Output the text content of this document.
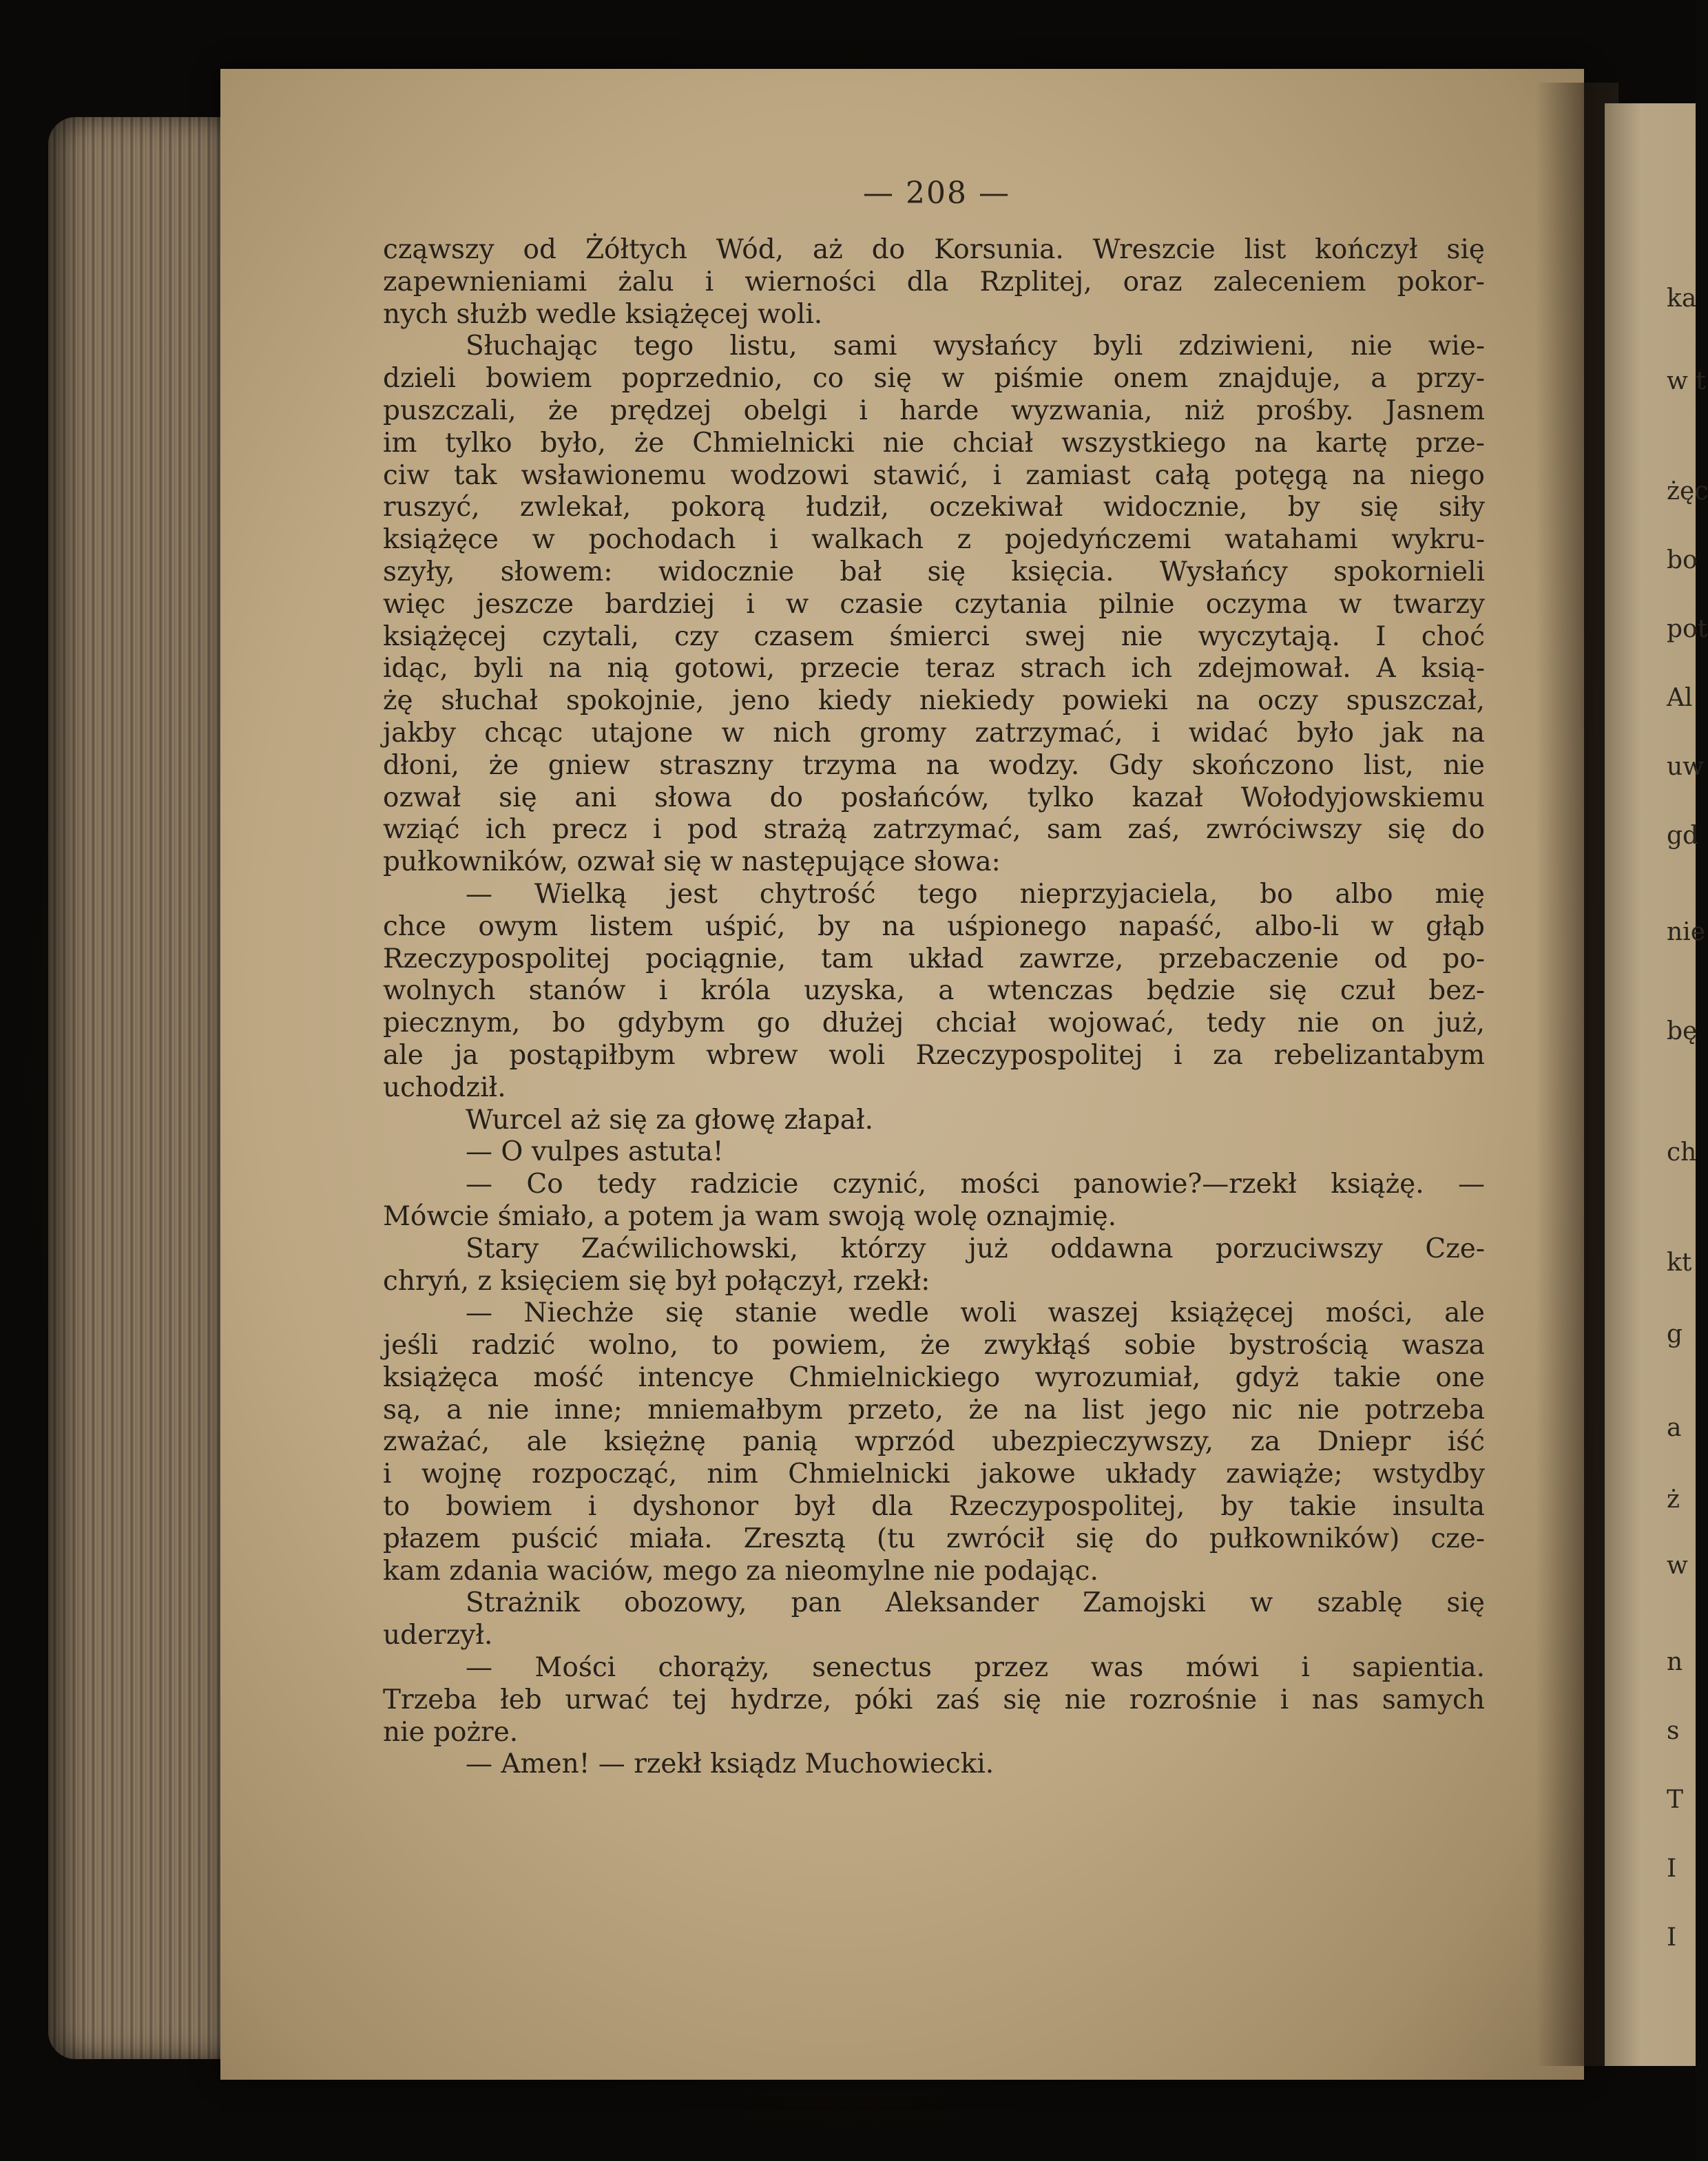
ka
w t
żęc
bo
pot
Al
uw
gd
nie
bę
ch
kt
g
a
ż
w
n
s
T
I
I
— 208 —
cząwszy od Żółtych Wód, aż do Korsunia. Wreszcie list kończył się
zapewnieniami żalu i wierności dla Rzplitej, oraz zaleceniem pokor-
nych służb wedle książęcej woli.
Słuchając tego listu, sami wysłańcy byli zdziwieni, nie wie-
dzieli bowiem poprzednio, co się w piśmie onem znajduje, a przy-
puszczali, że prędzej obelgi i harde wyzwania, niż prośby. Jasnem
im tylko było, że Chmielnicki nie chciał wszystkiego na kartę prze-
ciw tak wsławionemu wodzowi stawić, i zamiast całą potęgą na niego
ruszyć, zwlekał, pokorą łudził, oczekiwał widocznie, by się siły
książęce w pochodach i walkach z pojedyńczemi watahami wykru-
szyły, słowem: widocznie bał się księcia. Wysłańcy spokornieli
więc jeszcze bardziej i w czasie czytania pilnie oczyma w twarzy
książęcej czytali, czy czasem śmierci swej nie wyczytają. I choć
idąc, byli na nią gotowi, przecie teraz strach ich zdejmował. A ksią-
żę słuchał spokojnie, jeno kiedy niekiedy powieki na oczy spuszczał,
jakby chcąc utajone w nich gromy zatrzymać, i widać było jak na
dłoni, że gniew straszny trzyma na wodzy. Gdy skończono list, nie
ozwał się ani słowa do posłańców, tylko kazał Wołodyjowskiemu
wziąć ich precz i pod strażą zatrzymać, sam zaś, zwróciwszy się do
pułkowników, ozwał się w następujące słowa:
— Wielką jest chytrość tego nieprzyjaciela, bo albo mię
chce owym listem uśpić, by na uśpionego napaść, albo-li w głąb
Rzeczypospolitej pociągnie, tam układ zawrze, przebaczenie od po-
wolnych stanów i króla uzyska, a wtenczas będzie się czuł bez-
piecznym, bo gdybym go dłużej chciał wojować, tedy nie on już,
ale ja postąpiłbym wbrew woli Rzeczypospolitej i za rebelizantabym
uchodził.
Wurcel aż się za głowę złapał.
— O vulpes astuta!
— Co tedy radzicie czynić, mości panowie?—rzekł książę. —
Mówcie śmiało, a potem ja wam swoją wolę oznajmię.
Stary Zaćwilichowski, którzy już oddawna porzuciwszy Cze-
chryń, z księciem się był połączył, rzekł:
— Niechże się stanie wedle woli waszej książęcej mości, ale
jeśli radzić wolno, to powiem, że zwykłąś sobie bystrością wasza
książęca mość intencye Chmielnickiego wyrozumiał, gdyż takie one
są, a nie inne; mniemałbym przeto, że na list jego nic nie potrzeba
zważać, ale księżnę panią wprzód ubezpieczywszy, za Dniepr iść
i wojnę rozpocząć, nim Chmielnicki jakowe układy zawiąże; wstydby
to bowiem i dyshonor był dla Rzeczypospolitej, by takie insulta
płazem puścić miała. Zresztą (tu zwrócił się do pułkowników) cze-
kam zdania waciów, mego za nieomylne nie podając.
Strażnik obozowy, pan Aleksander Zamojski w szablę się
uderzył.
— Mości chorąży, senectus przez was mówi i sapientia.
Trzeba łeb urwać tej hydrze, póki zaś się nie rozrośnie i nas samych
nie pożre.
— Amen! — rzekł ksiądz Muchowiecki.
